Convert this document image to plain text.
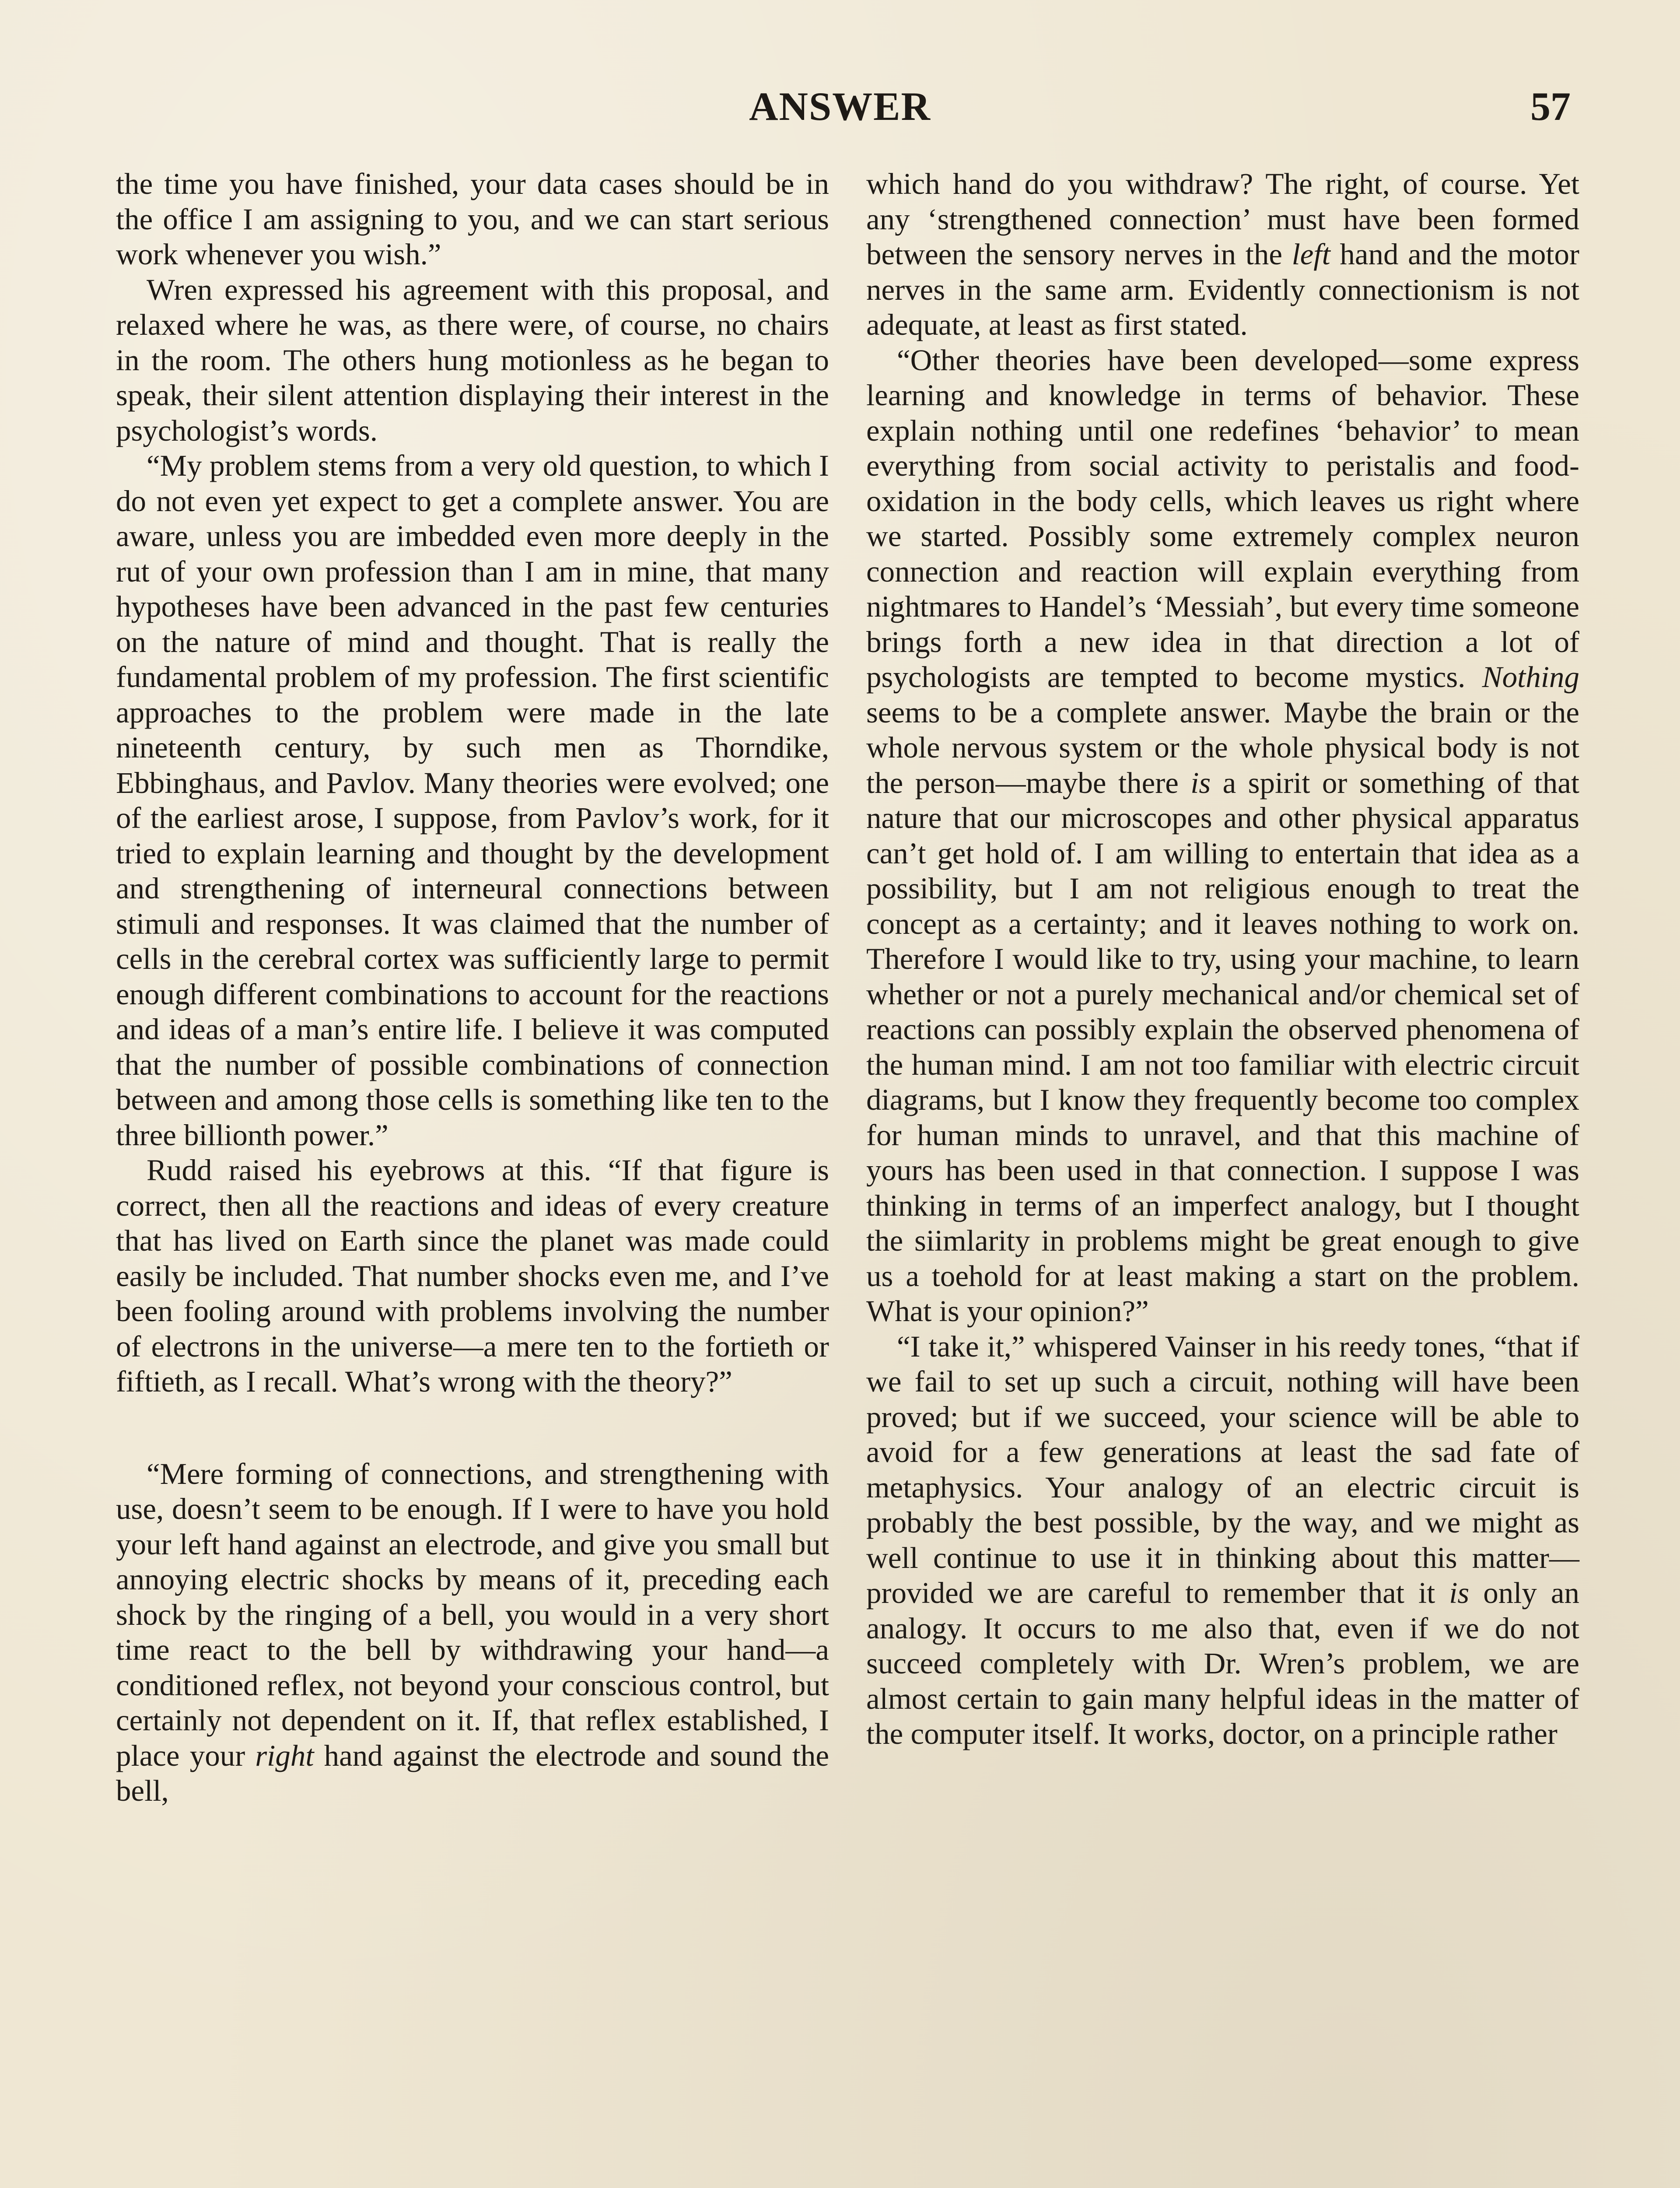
ANSWER	57

the time you have finished, your data cases should be in the office I am assigning to you, and we can start serious work whenever you wish.”

Wren expressed his agreement with this proposal, and relaxed where he was, as there were, of course, no chairs in the room. The others hung motionless as he began to speak, their silent attention displaying their interest in the psychologist’s words.

“My problem stems from a very old question, to which I do not even yet expect to get a complete answer. You are aware, unless you are imbedded even more deeply in the rut of your own profession than I am in mine, that many hypotheses have been advanced in the past few centuries on the nature of mind and thought. That is really the fundamental problem of my profession. The first scientific approaches to the problem were made in the late nineteenth century, by such men as Thorndike, Ebbinghaus, and Pavlov. Many theories were evolved; one of the earliest arose, I suppose, from Pavlov’s work, for it tried to explain learning and thought by the development and strengthening of interneural connections between stimuli and responses. It was claimed that the number of cells in the cerebral cortex was sufficiently large to permit enough different combinations to account for the reactions and ideas of a man’s entire life. I believe it was computed that the number of possible combinations of connection between and among those cells is something like ten to the three billionth power.”

Rudd raised his eyebrows at this. “If that figure is correct, then all the reactions and ideas of every creature that has lived on Earth since the planet was made could easily be included. That number shocks even me, and I’ve been fooling around with problems involving the number of electrons in the universe—a mere ten to the fortieth or fiftieth, as I recall. What’s wrong with the theory?”

“Mere forming of connections, and strengthening with use, doesn’t seem to be enough. If I were to have you hold your left hand against an electrode, and give you small but annoying electric shocks by means of it, preceding each shock by the ringing of a bell, you would in a very short time react to the bell by withdrawing your hand—a conditioned reflex, not beyond your conscious control, but certainly not dependent on it. If, that reflex established, I place your right hand against the electrode and sound the bell,

which hand do you withdraw? The right, of course. Yet any ‘strengthened connection’ must have been formed between the sensory nerves in the left hand and the motor nerves in the same arm. Evidently connectionism is not adequate, at least as first stated.

“Other theories have been developed—some express learning and knowledge in terms of behavior. These explain nothing until one redefines ‘behavior’ to mean everything from social activity to peristalis and food-oxidation in the body cells, which leaves us right where we started. Possibly some extremely complex neuron connection and reaction will explain everything from nightmares to Handel’s ‘Messiah’, but every time someone brings forth a new idea in that direction a lot of psychologists are tempted to become mystics. Nothing seems to be a complete answer. Maybe the brain or the whole nervous system or the whole physical body is not the person—maybe there is a spirit or something of that nature that our microscopes and other physical apparatus can’t get hold of. I am willing to entertain that idea as a possibility, but I am not religious enough to treat the concept as a certainty; and it leaves nothing to work on. Therefore I would like to try, using your machine, to learn whether or not a purely mechanical and/or chemical set of reactions can possibly explain the observed phenomena of the human mind. I am not too familiar with electric circuit diagrams, but I know they frequently become too complex for human minds to unravel, and that this machine of yours has been used in that connection. I suppose I was thinking in terms of an imperfect analogy, but I thought the siimlarity in problems might be great enough to give us a toehold for at least making a start on the problem. What is your opinion?”

“I take it,” whispered Vainser in his reedy tones, “that if we fail to set up such a circuit, nothing will have been proved; but if we succeed, your science will be able to avoid for a few generations at least the sad fate of metaphysics. Your analogy of an electric circuit is probably the best possible, by the way, and we might as well continue to use it in thinking about this matter—provided we are careful to remember that it is only an analogy. It occurs to me also that, even if we do not succeed completely with Dr. Wren’s problem, we are almost certain to gain many helpful ideas in the matter of the computer itself. It works, doctor, on a principle rather
